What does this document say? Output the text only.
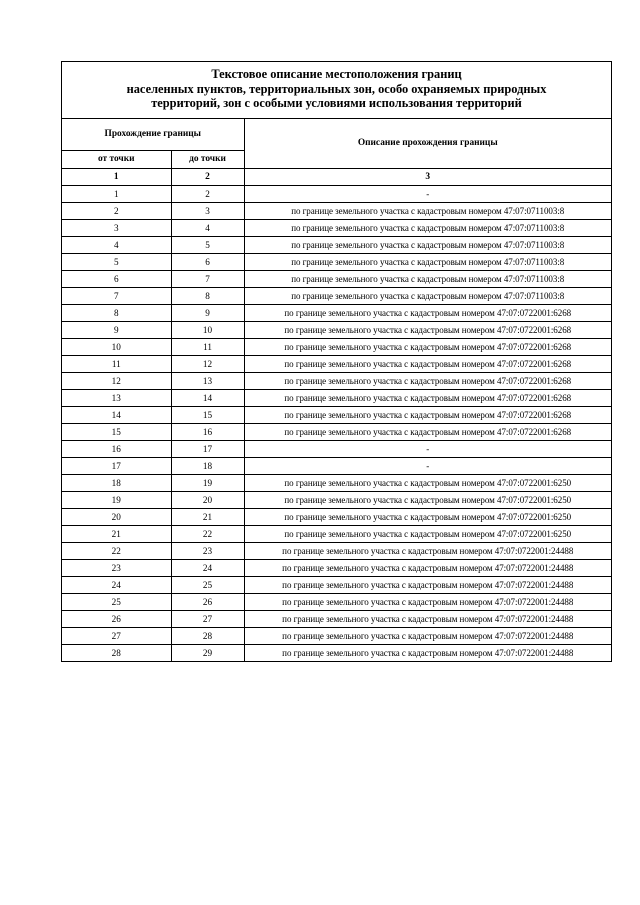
Текстовое описание местоположения границ
населенных пунктов, территориальных зон, особо охраняемых природных
территорий, зон с особыми условиями использования территорий
Прохождение границы		Описание прохождения границы
от точки	до точки	
1	2	3
1	2	-
2	3	по границе земельного участка с кадастровым номером 47:07:0711003:8
3	4	по границе земельного участка с кадастровым номером 47:07:0711003:8
4	5	по границе земельного участка с кадастровым номером 47:07:0711003:8
5	6	по границе земельного участка с кадастровым номером 47:07:0711003:8
6	7	по границе земельного участка с кадастровым номером 47:07:0711003:8
7	8	по границе земельного участка с кадастровым номером 47:07:0711003:8
8	9	по границе земельного участка с кадастровым номером 47:07:0722001:6268
9	10	по границе земельного участка с кадастровым номером 47:07:0722001:6268
10	11	по границе земельного участка с кадастровым номером 47:07:0722001:6268
11	12	по границе земельного участка с кадастровым номером 47:07:0722001:6268
12	13	по границе земельного участка с кадастровым номером 47:07:0722001:6268
13	14	по границе земельного участка с кадастровым номером 47:07:0722001:6268
14	15	по границе земельного участка с кадастровым номером 47:07:0722001:6268
15	16	по границе земельного участка с кадастровым номером 47:07:0722001:6268
16	17	-
17	18	-
18	19	по границе земельного участка с кадастровым номером 47:07:0722001:6250
19	20	по границе земельного участка с кадастровым номером 47:07:0722001:6250
20	21	по границе земельного участка с кадастровым номером 47:07:0722001:6250
21	22	по границе земельного участка с кадастровым номером 47:07:0722001:6250
22	23	по границе земельного участка с кадастровым номером 47:07:0722001:24488
23	24	по границе земельного участка с кадастровым номером 47:07:0722001:24488
24	25	по границе земельного участка с кадастровым номером 47:07:0722001:24488
25	26	по границе земельного участка с кадастровым номером 47:07:0722001:24488
26	27	по границе земельного участка с кадастровым номером 47:07:0722001:24488
27	28	по границе земельного участка с кадастровым номером 47:07:0722001:24488
28	29	по границе земельного участка с кадастровым номером 47:07:0722001:24488
